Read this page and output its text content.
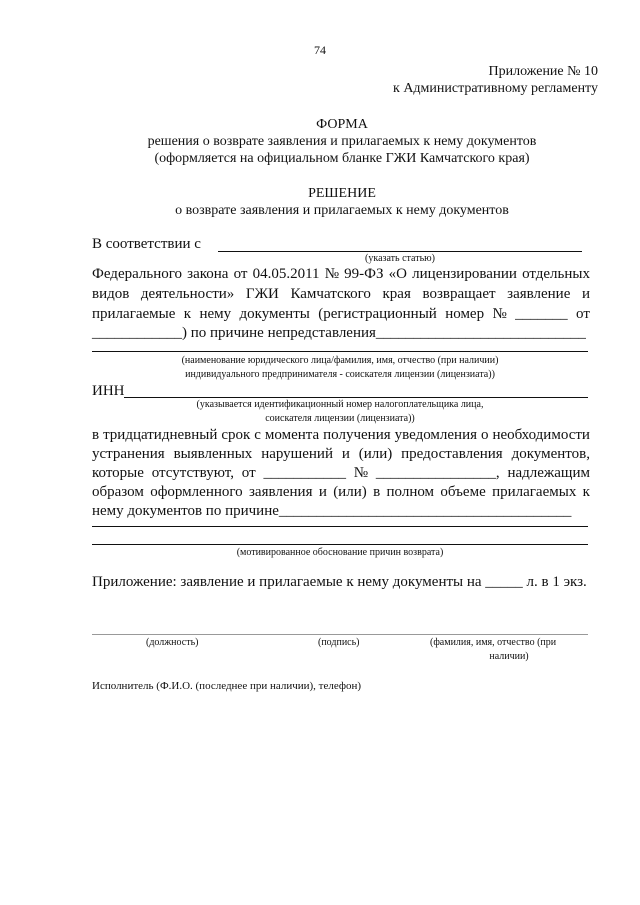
74
Приложение № 10
к Административному регламенту
ФОРМА
решения о возврате заявления и прилагаемых к нему документов
(оформляется на официальном бланке ГЖИ Камчатского края)
РЕШЕНИЕ
о возврате заявления и прилагаемых к нему документов
В соответствии с
(указать статью)
Федерального закона от 04.05.2011 № 99-ФЗ «О лицензировании отдельных
видов деятельности» ГЖИ Камчатского края возвращает заявление и
прилагаемые к нему документы (регистрационный номер № _______ от
____________) по причине непредставления____________________________
(наименование юридического лица/фамилия, имя, отчество (при наличии)
индивидуального предпринимателя - соискателя лицензии (лицензиата))
ИНН
(указывается идентификационный номер налогоплательщика лица,
соискателя лицензии (лицензиата))
в тридцатидневный срок с момента получения уведомления о необходимости
устранения выявленных нарушений и (или) предоставления документов,
которые отсутствуют, от ___________ № ________________, надлежащим
образом оформленного заявления и (или) в полном объеме прилагаемых к
нему документов по причине_______________________________________
(мотивированное обоснование причин возврата)
Приложение: заявление и прилагаемые к нему документы на _____ л. в 1 экз.
(должность)	(подпись)	(фамилия, имя, отчество (при
наличии)
Исполнитель (Ф.И.О. (последнее при наличии), телефон)
